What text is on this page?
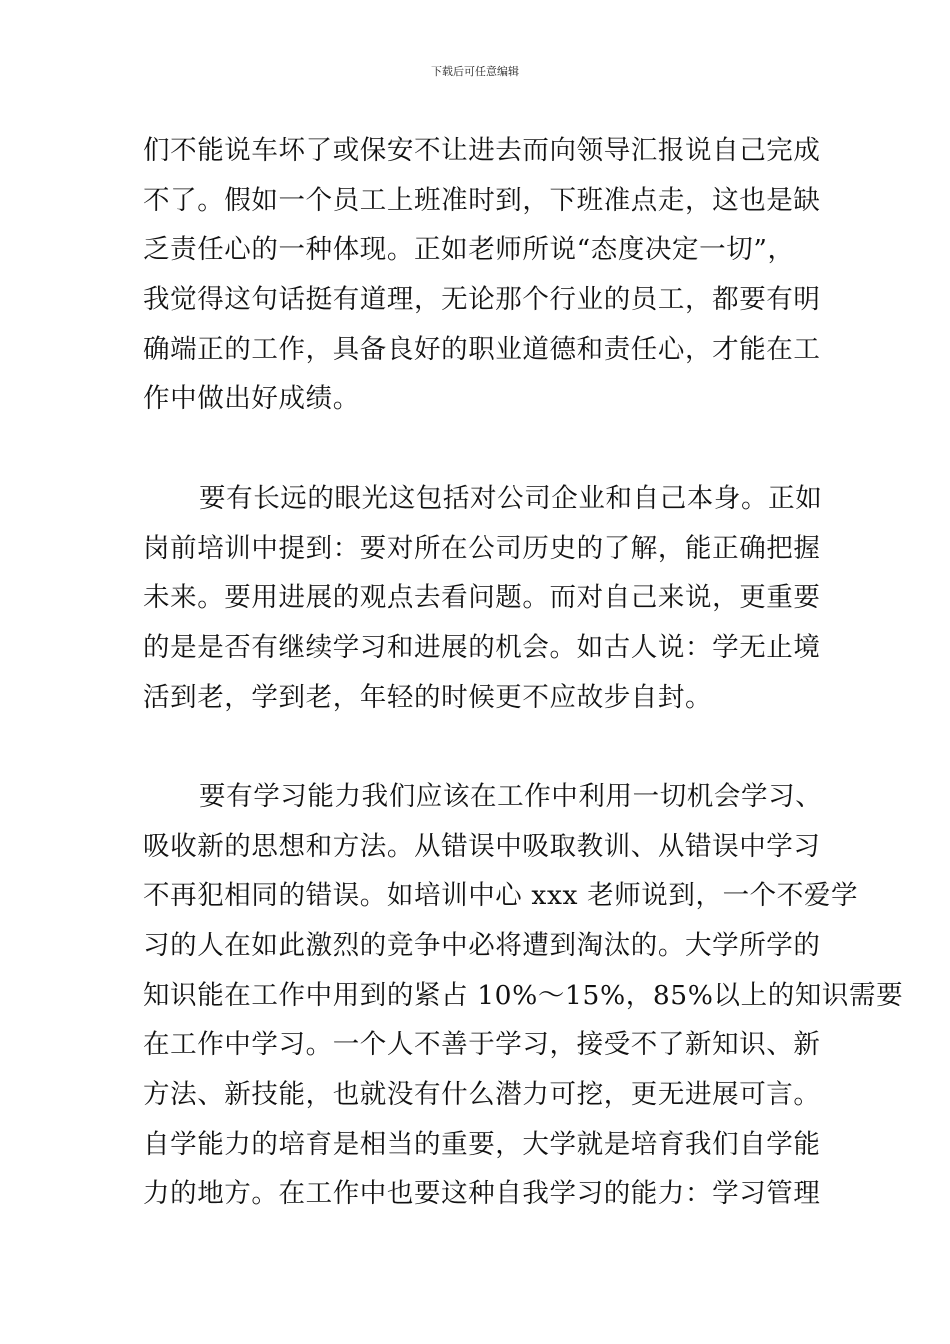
下载后可任意编辑
们不能说车坏了或保安不让进去而向领导汇报说自己完成
不了。假如一个员工上班准时到，下班准点走，这也是缺
乏责任心的一种体现。正如老师所说“态度决定一切”，
我觉得这句话挺有道理，无论那个行业的员工，都要有明
确端正的工作，具备良好的职业道德和责任心，才能在工
作中做出好成绩。
要有长远的眼光这包括对公司企业和自己本身。正如
岗前培训中提到：要对所在公司历史的了解，能正确把握
未来。要用进展的观点去看问题。而对自己来说，更重要
的是是否有继续学习和进展的机会。如古人说：学无止境
活到老，学到老，年轻的时候更不应故步自封。
要有学习能力我们应该在工作中利用一切机会学习、
吸收新的思想和方法。从错误中吸取教训、从错误中学习
不再犯相同的错误。如培训中心 xxx 老师说到，一个不爱学
习的人在如此激烈的竞争中必将遭到淘汰的。大学所学的
知识能在工作中用到的紧占 10%～15%，85%以上的知识需要
在工作中学习。一个人不善于学习，接受不了新知识、新
方法、新技能，也就没有什么潜力可挖，更无进展可言。
自学能力的培育是相当的重要，大学就是培育我们自学能
力的地方。在工作中也要这种自我学习的能力：学习管理
